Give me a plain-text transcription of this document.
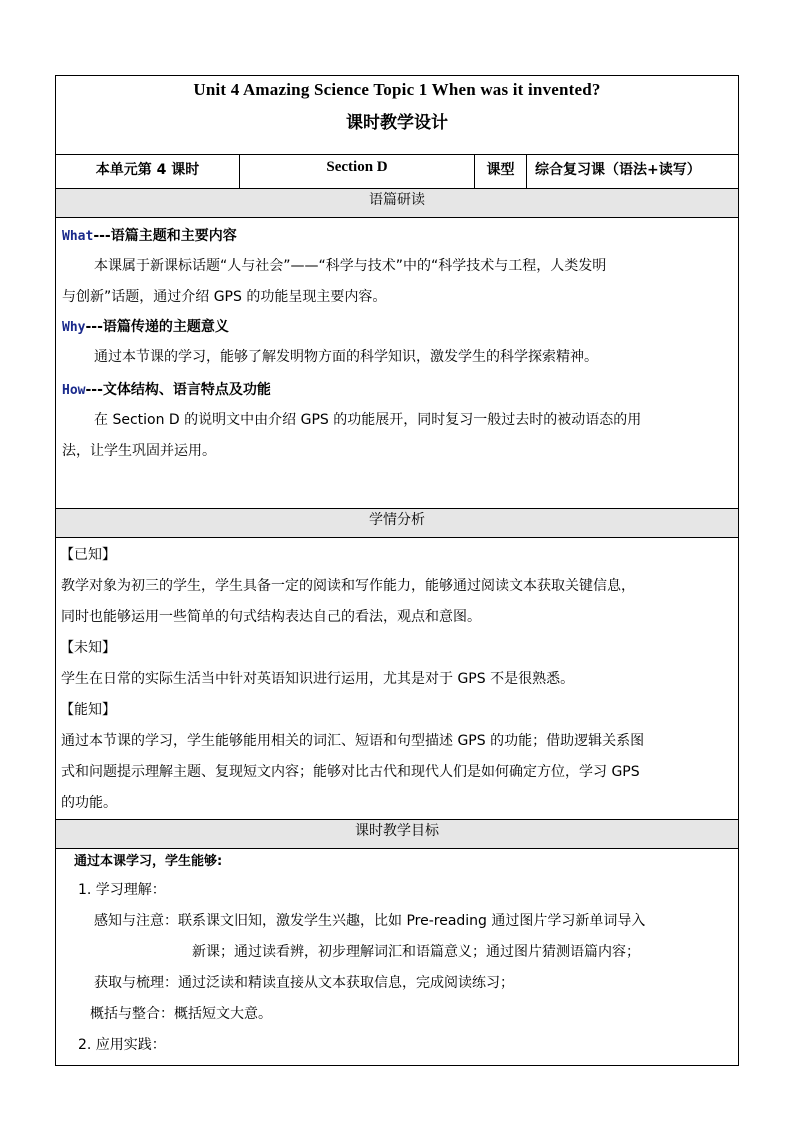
Unit 4 Amazing Science Topic 1 When was it invented?
课时教学设计

本单元第 4 课时	Section D	课型	综合复习课（语法+读写）
语篇研读

What---语篇主题和主要内容

本课属于新课标话题“人与社会”——“科学与技术”中的“科学技术与工程，人类发明

与创新”话题，通过介绍 GPS 的功能呈现主要内容。

Why---语篇传递的主题意义

通过本节课的学习，能够了解发明物方面的科学知识，激发学生的科学探索精神。

How---文体结构、语言特点及功能

在 Section D 的说明文中由介绍 GPS 的功能展开，同时复习一般过去时的被动语态的用

法，让学生巩固并运用。

学情分析

【已知】

教学对象为初三的学生，学生具备一定的阅读和写作能力，能够通过阅读文本获取关键信息，

同时也能够运用一些简单的句式结构表达自己的看法，观点和意图。

【未知】

学生在日常的实际生活当中针对英语知识进行运用，尤其是对于 GPS 不是很熟悉。

【能知】

通过本节课的学习，学生能够能用相关的词汇、短语和句型描述 GPS 的功能；借助逻辑关系图

式和问题提示理解主题、复现短文内容；能够对比古代和现代人们是如何确定方位，学习 GPS

的功能。

课时教学目标

通过本课学习，学生能够:

1. 学习理解：

感知与注意：联系课文旧知，激发学生兴趣，比如 Pre-reading 通过图片学习新单词导入

新课；通过读看辨，初步理解词汇和语篇意义；通过图片猜测语篇内容；

获取与梳理：通过泛读和精读直接从文本获取信息，完成阅读练习；

概括与整合：概括短文大意。

2. 应用实践：
